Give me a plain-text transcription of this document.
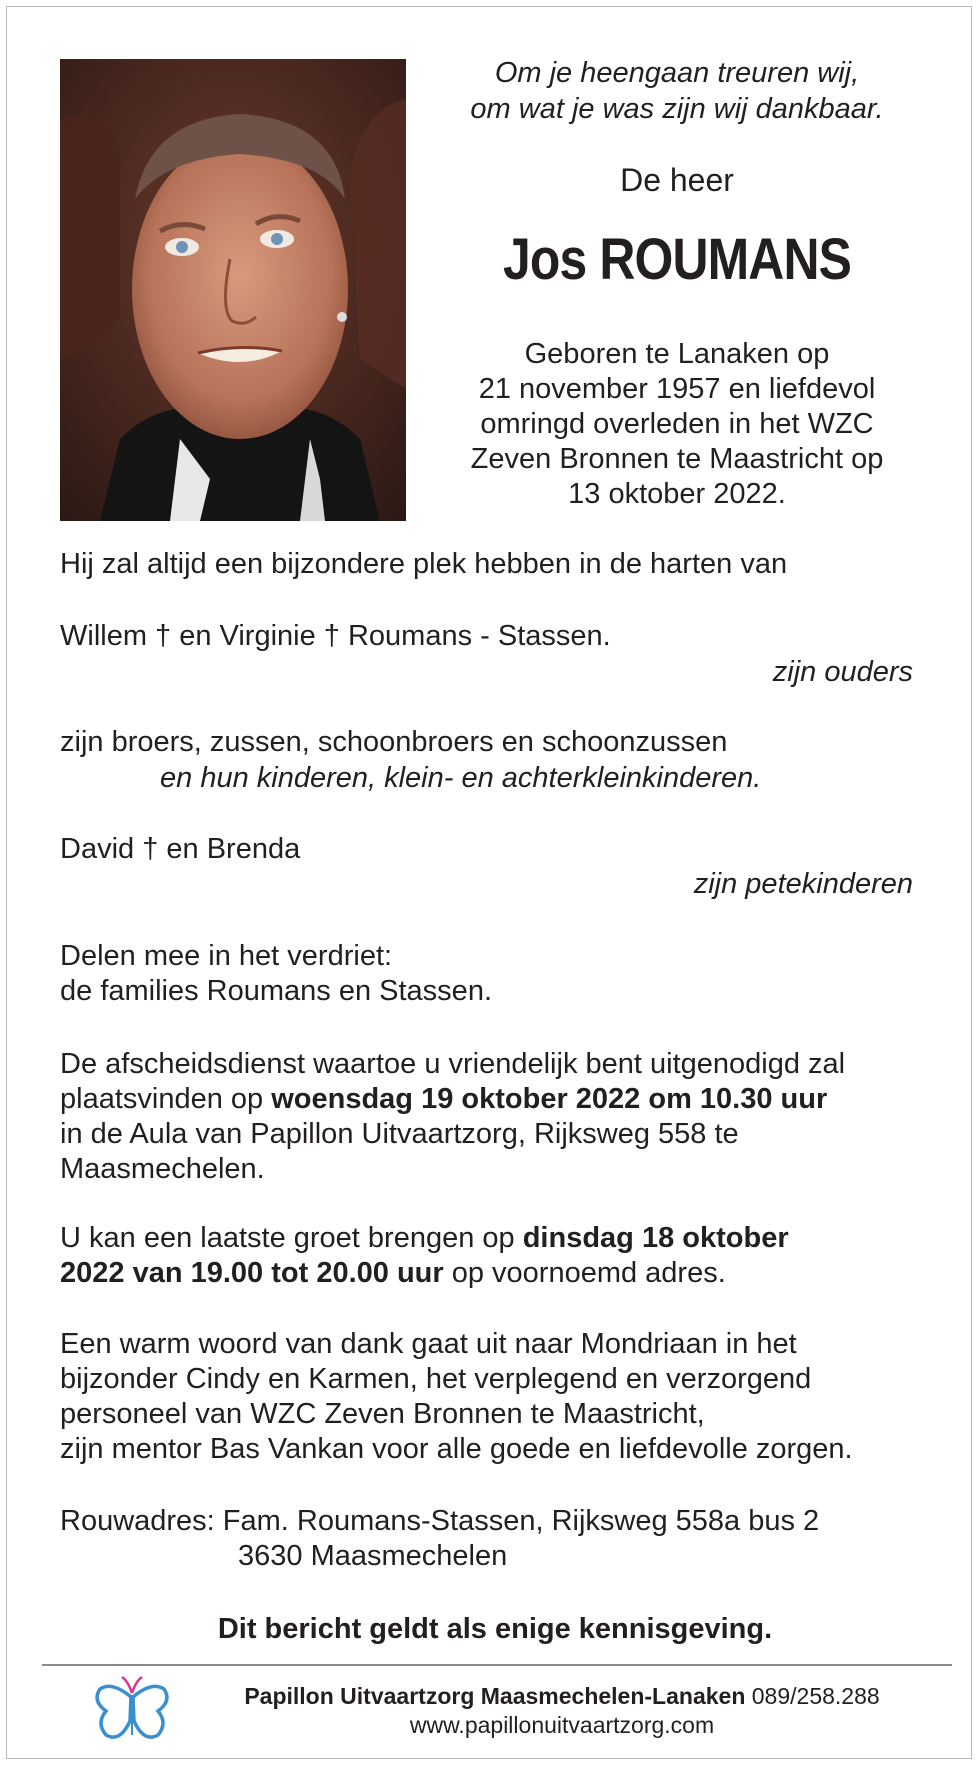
Om je heengaan treuren wij,
om wat je was zijn wij dankbaar.

De heer

Jos ROUMANS

Geboren te Lanaken op
21 november 1957 en liefdevol
omringd overleden in het WZC
Zeven Bronnen te Maastricht op
13 oktober 2022.

Hij zal altijd een bijzondere plek hebben in de harten van

Willem † en Virginie † Roumans - Stassen.

zijn ouders

zijn broers, zussen, schoonbroers en schoonzussen

en hun kinderen, klein- en achterkleinkinderen.

David † en Brenda

zijn petekinderen

Delen mee in het verdriet:
de families Roumans en Stassen.

De afscheidsdienst waartoe u vriendelijk bent uitgenodigd zal
plaatsvinden op woensdag 19 oktober 2022 om 10.30 uur
in de Aula van Papillon Uitvaartzorg, Rijksweg 558 te
Maasmechelen.

U kan een laatste groet brengen op dinsdag 18 oktober
2022 van 19.00 tot 20.00 uur op voornoemd adres.

Een warm woord van dank gaat uit naar Mondriaan in het
bijzonder Cindy en Karmen, het verplegend en verzorgend
personeel van WZC Zeven Bronnen te Maastricht,
zijn mentor Bas Vankan voor alle goede en liefdevolle zorgen.

Rouwadres: Fam. Roumans-Stassen, Rijksweg 558a bus 2
3630 Maasmechelen

Dit bericht geldt als enige kennisgeving.

Papillon Uitvaartzorg Maasmechelen-Lanaken 089/258.288
www.papillonuitvaartzorg.com
